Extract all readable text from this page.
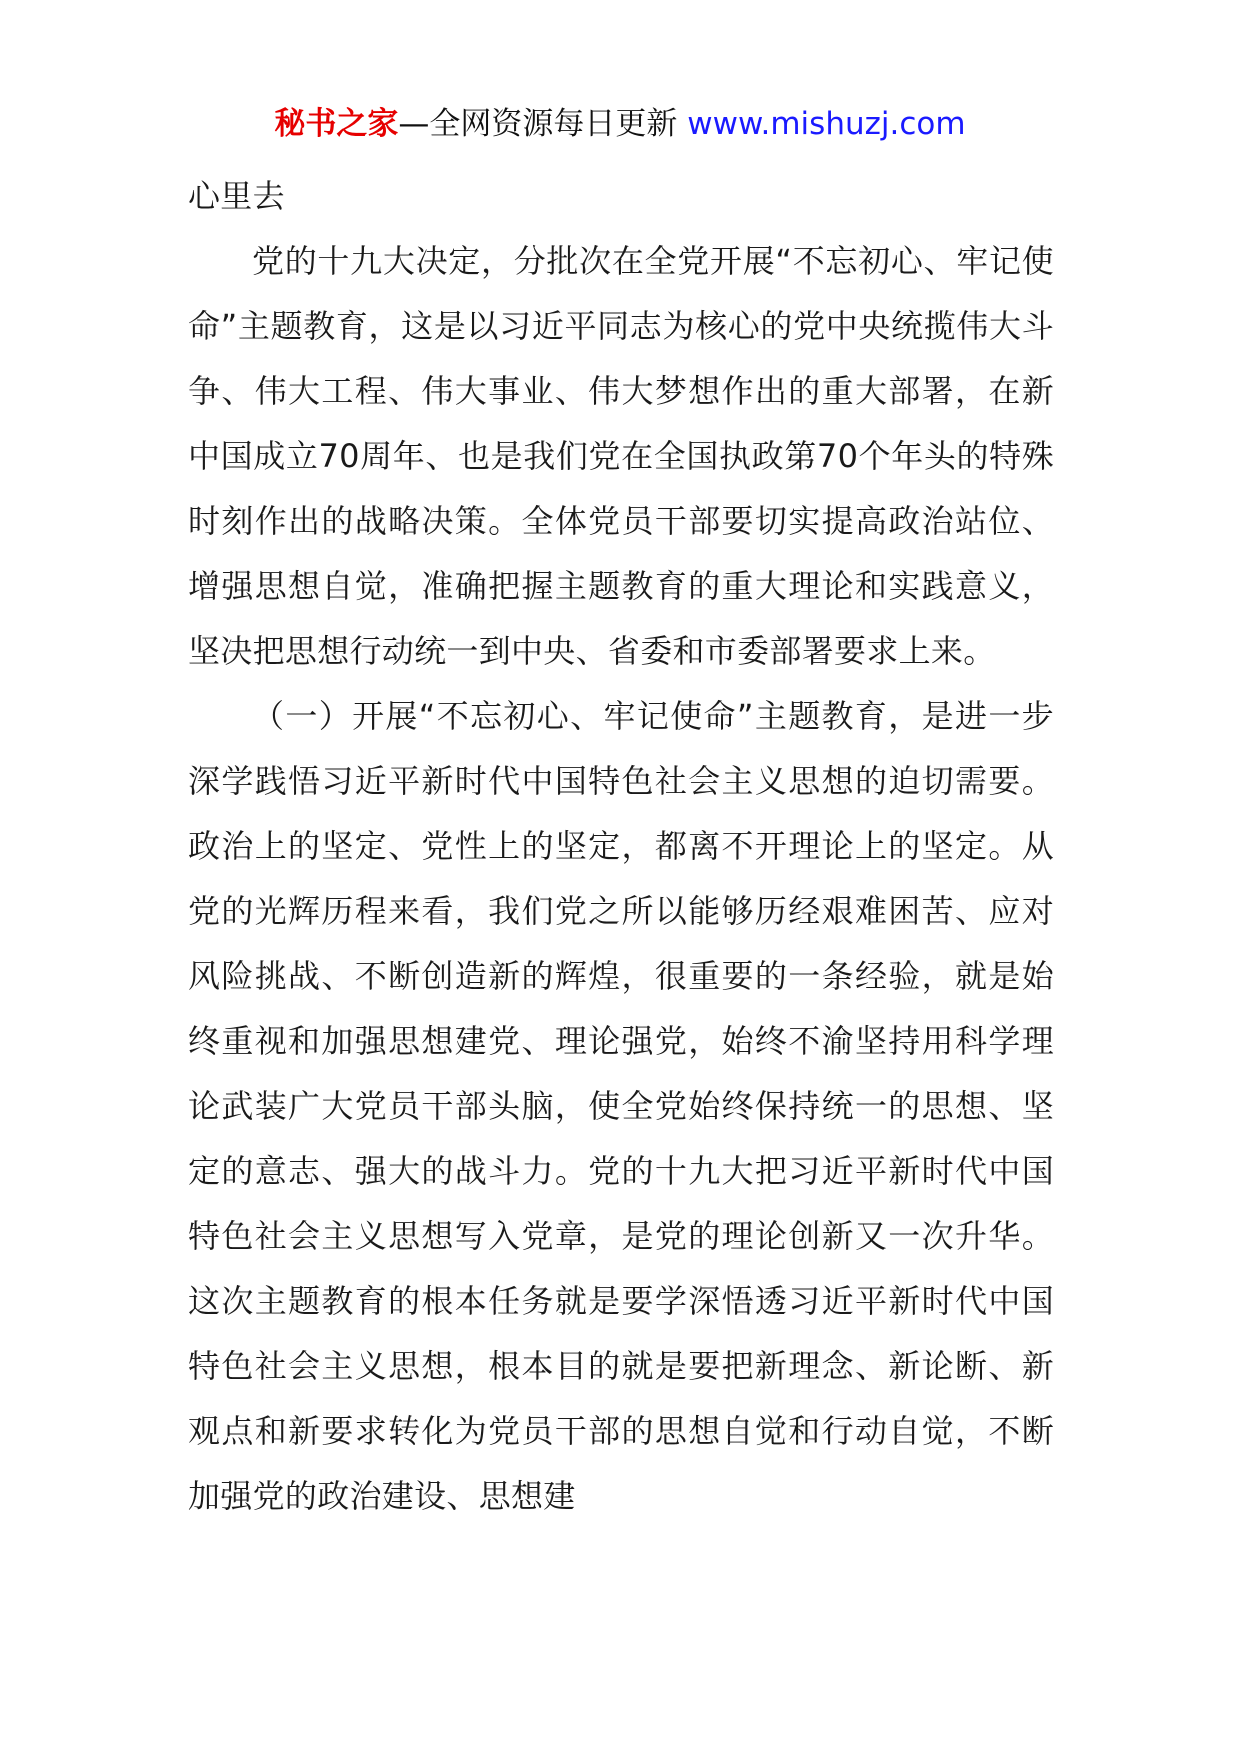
秘书之家—全网资源每日更新 www.mishuzj.com

心里去

党的十九大决定，分批次在全党开展“不忘初心、牢记使命”主题教育，这是以习近平同志为核心的党中央统揽伟大斗争、伟大工程、伟大事业、伟大梦想作出的重大部署，在新中国成立70周年、也是我们党在全国执政第70个年头的特殊时刻作出的战略决策。全体党员干部要切实提高政治站位、增强思想自觉，准确把握主题教育的重大理论和实践意义，坚决把思想行动统一到中央、省委和市委部署要求上来。

（一）开展“不忘初心、牢记使命”主题教育，是进一步深学践悟习近平新时代中国特色社会主义思想的迫切需要。政治上的坚定、党性上的坚定，都离不开理论上的坚定。从党的光辉历程来看，我们党之所以能够历经艰难困苦、应对风险挑战、不断创造新的辉煌，很重要的一条经验，就是始终重视和加强思想建党、理论强党，始终不渝坚持用科学理论武装广大党员干部头脑，使全党始终保持统一的思想、坚定的意志、强大的战斗力。党的十九大把习近平新时代中国特色社会主义思想写入党章，是党的理论创新又一次升华。这次主题教育的根本任务就是要学深悟透习近平新时代中国特色社会主义思想，根本目的就是要把新理念、新论断、新观点和新要求转化为党员干部的思想自觉和行动自觉，不断加强党的政治建设、思想建
